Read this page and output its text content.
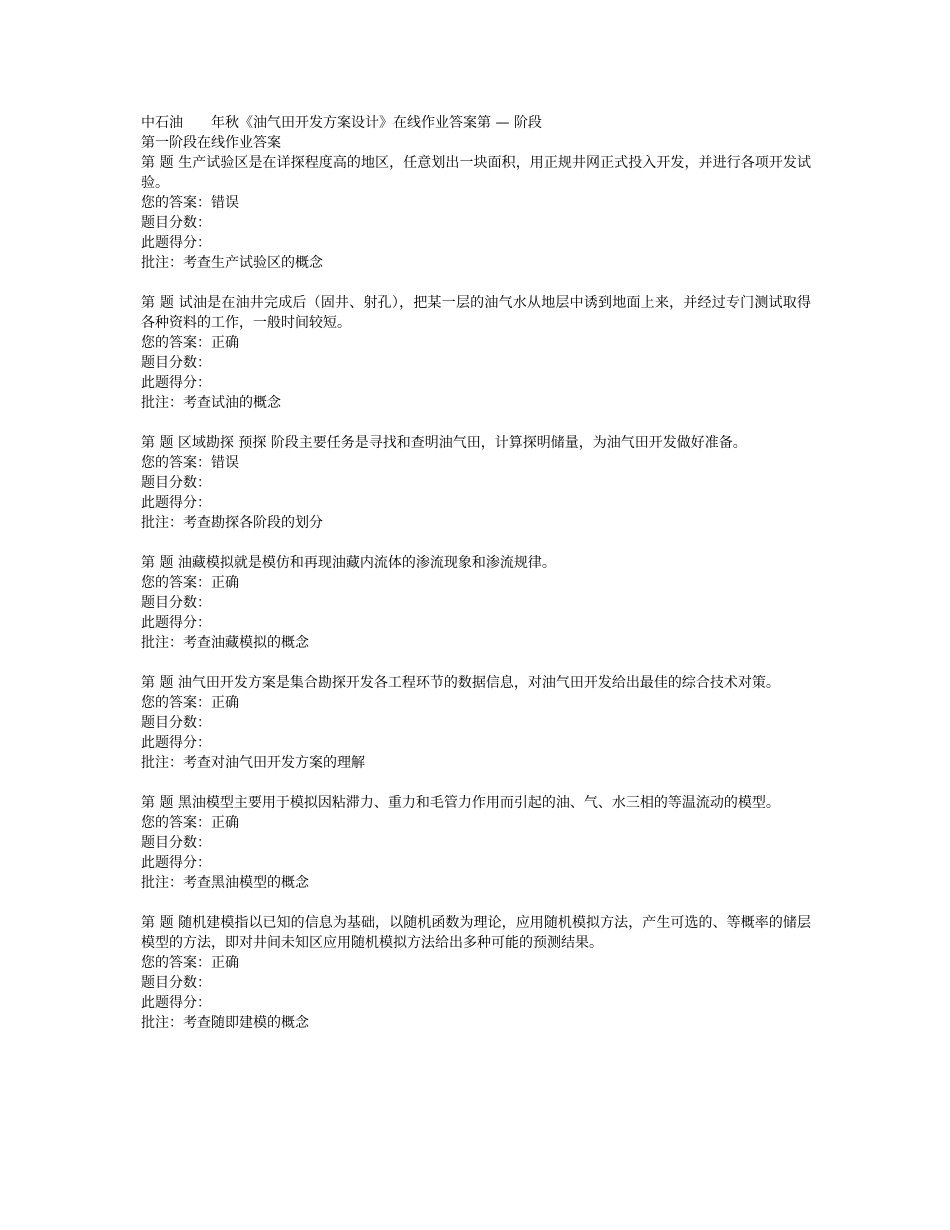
中石油　　年秋《油气田开发方案设计》在线作业答案第 — 阶段
第一阶段在线作业答案
第 题 生产试验区是在详探程度高的地区，任意划出一块面积，用正规井网正式投入开发，并进行各项开发试验。
您的答案：错误
题目分数：
此题得分：
批注：考查生产试验区的概念
第 题 试油是在油井完成后（固井、射孔），把某一层的油气水从地层中诱到地面上来，并经过专门测试取得各种资料的工作，一般时间较短。
您的答案：正确
题目分数：
此题得分：
批注：考查试油的概念
第 题 区域勘探 预探 阶段主要任务是寻找和查明油气田，计算探明储量，为油气田开发做好准备。
您的答案：错误
题目分数：
此题得分：
批注：考查勘探各阶段的划分
第 题 油藏模拟就是模仿和再现油藏内流体的渗流现象和渗流规律。
您的答案：正确
题目分数：
此题得分：
批注：考查油藏模拟的概念
第 题 油气田开发方案是集合勘探开发各工程环节的数据信息，对油气田开发给出最佳的综合技术对策。
您的答案：正确
题目分数：
此题得分：
批注：考查对油气田开发方案的理解
第 题 黑油模型主要用于模拟因粘滞力、重力和毛管力作用而引起的油、气、水三相的等温流动的模型。
您的答案：正确
题目分数：
此题得分：
批注：考查黑油模型的概念
第 题 随机建模指以已知的信息为基础，以随机函数为理论，应用随机模拟方法，产生可选的、等概率的储层模型的方法，即对井间未知区应用随机模拟方法给出多种可能的预测结果。
您的答案：正确
题目分数：
此题得分：
批注：考查随即建模的概念
